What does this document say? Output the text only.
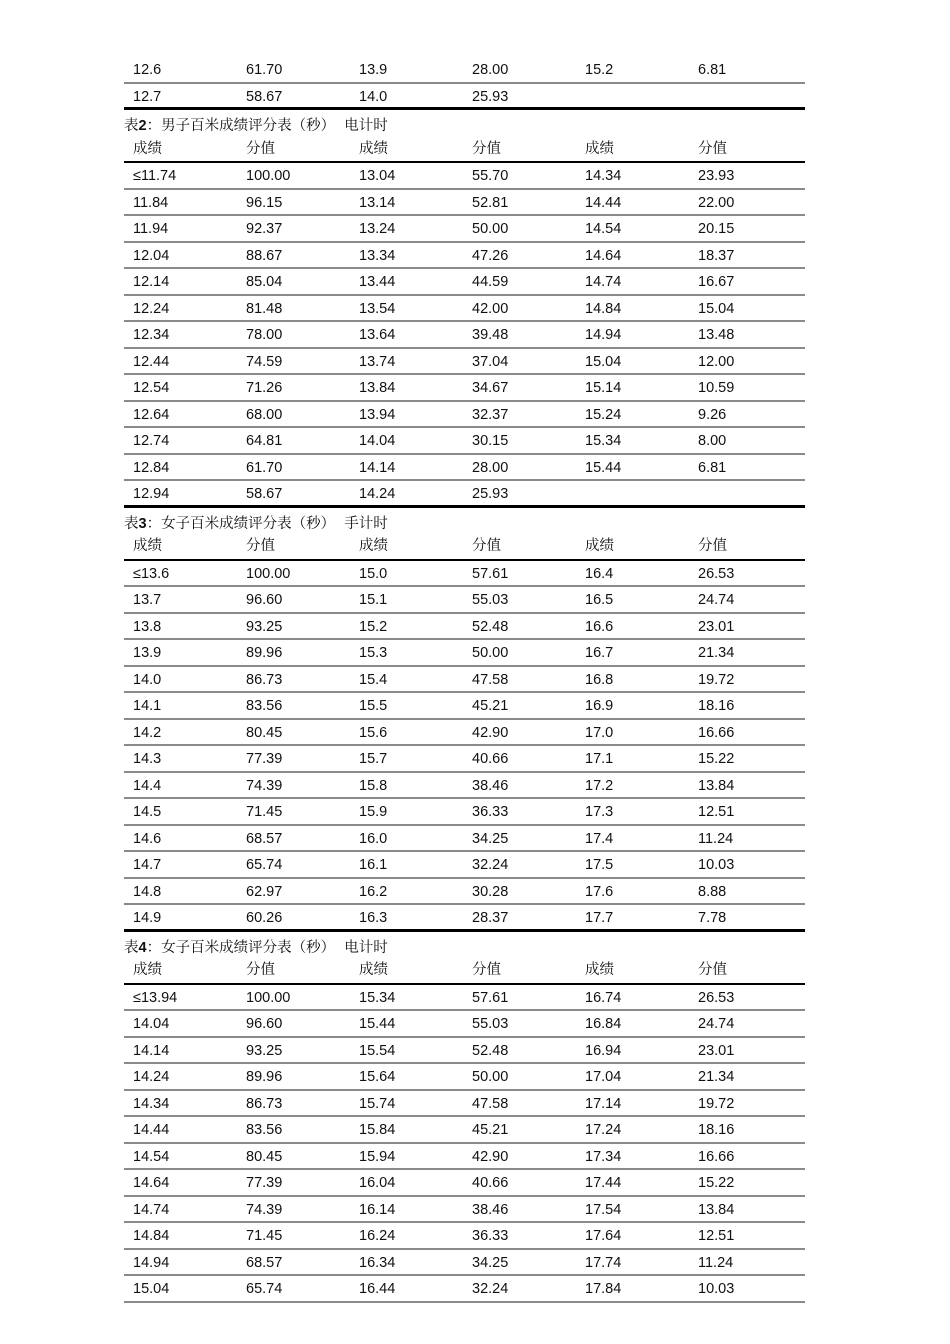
12.6	61.70	13.9	28.00	15.2	6.81
12.7	58.67	14.0	25.93
表2：男子百米成绩评分表（秒）  电计时
成绩	分值	成绩	分值	成绩	分值
≤11.74	100.00	13.04	55.70	14.34	23.93
11.84	96.15	13.14	52.81	14.44	22.00
11.94	92.37	13.24	50.00	14.54	20.15
12.04	88.67	13.34	47.26	14.64	18.37
12.14	85.04	13.44	44.59	14.74	16.67
12.24	81.48	13.54	42.00	14.84	15.04
12.34	78.00	13.64	39.48	14.94	13.48
12.44	74.59	13.74	37.04	15.04	12.00
12.54	71.26	13.84	34.67	15.14	10.59
12.64	68.00	13.94	32.37	15.24	9.26
12.74	64.81	14.04	30.15	15.34	8.00
12.84	61.70	14.14	28.00	15.44	6.81
12.94	58.67	14.24	25.93
表3：女子百米成绩评分表（秒）  手计时
成绩	分值	成绩	分值	成绩	分值
≤13.6	100.00	15.0	57.61	16.4	26.53
13.7	96.60	15.1	55.03	16.5	24.74
13.8	93.25	15.2	52.48	16.6	23.01
13.9	89.96	15.3	50.00	16.7	21.34
14.0	86.73	15.4	47.58	16.8	19.72
14.1	83.56	15.5	45.21	16.9	18.16
14.2	80.45	15.6	42.90	17.0	16.66
14.3	77.39	15.7	40.66	17.1	15.22
14.4	74.39	15.8	38.46	17.2	13.84
14.5	71.45	15.9	36.33	17.3	12.51
14.6	68.57	16.0	34.25	17.4	11.24
14.7	65.74	16.1	32.24	17.5	10.03
14.8	62.97	16.2	30.28	17.6	8.88
14.9	60.26	16.3	28.37	17.7	7.78
表4：女子百米成绩评分表（秒）  电计时
成绩	分值	成绩	分值	成绩	分值
≤13.94	100.00	15.34	57.61	16.74	26.53
14.04	96.60	15.44	55.03	16.84	24.74
14.14	93.25	15.54	52.48	16.94	23.01
14.24	89.96	15.64	50.00	17.04	21.34
14.34	86.73	15.74	47.58	17.14	19.72
14.44	83.56	15.84	45.21	17.24	18.16
14.54	80.45	15.94	42.90	17.34	16.66
14.64	77.39	16.04	40.66	17.44	15.22
14.74	74.39	16.14	38.46	17.54	13.84
14.84	71.45	16.24	36.33	17.64	12.51
14.94	68.57	16.34	34.25	17.74	11.24
15.04	65.74	16.44	32.24	17.84	10.03
